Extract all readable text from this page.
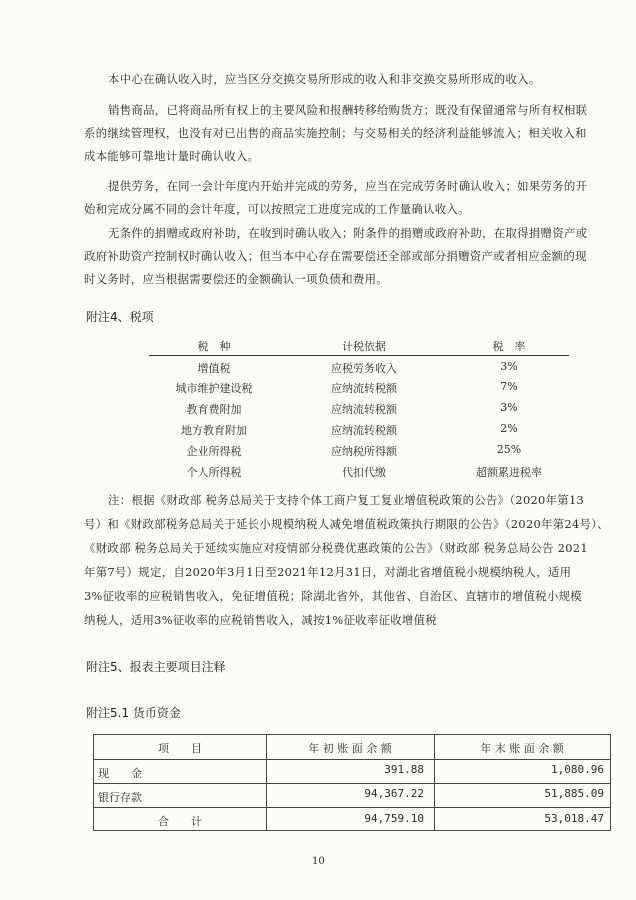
本中心在确认收入时，应当区分交换交易所形成的收入和非交换交易所形成的收入。
销售商品，已将商品所有权上的主要风险和报酬转移给购货方；既没有保留通常与所有权相联
系的继续管理权，也没有对已出售的商品实施控制；与交易相关的经济利益能够流入；相关收入和
成本能够可靠地计量时确认收入。
提供劳务，在同一会计年度内开始并完成的劳务，应当在完成劳务时确认收入；如果劳务的开
始和完成分属不同的会计年度，可以按照完工进度完成的工作量确认收入。
无条件的捐赠或政府补助，在收到时确认收入；附条件的捐赠或政府补助，在取得捐赠资产或
政府补助资产控制权时确认收入；但当本中心存在需要偿还全部或部分捐赠资产或者相应金额的现
时义务时，应当根据需要偿还的金额确认一项负债和费用。
附注4、税项
税　种	计税依据	税　率
增值税	应税劳务收入	3%
城市维护建设税	应纳流转税额	7%
教育费附加	应纳流转税额	3%
地方教育附加	应纳流转税额	2%
企业所得税	应纳税所得额	25%
个人所得税	代扣代缴	超额累进税率
注：根据《财政部 税务总局关于支持个体工商户复工复业增值税政策的公告》（2020年第13
号）和《财政部税务总局关于延长小规模纳税人减免增值税政策执行期限的公告》（2020年第24号）、
《财政部 税务总局关于延续实施应对疫情部分税费优惠政策的公告》（财政部 税务总局公告 2021
年第7号）规定，自2020年3月1日至2021年12月31日，对湖北省增值税小规模纳税人，适用
3%征收率的应税销售收入，免征增值税；除湖北省外，其他省、自治区、直辖市的增值税小规模
纳税人，适用3%征收率的应税销售收入，减按1%征收率征收增值税
附注5、报表主要项目注释
附注5.1 货币资金
项　　目	年 初 账 面 余 额	年 末 账 面 余 额
现　　金	391.88	1,080.96
银行存款	94,367.22	51,885.09
合　　计	94,759.10	53,018.47
10
